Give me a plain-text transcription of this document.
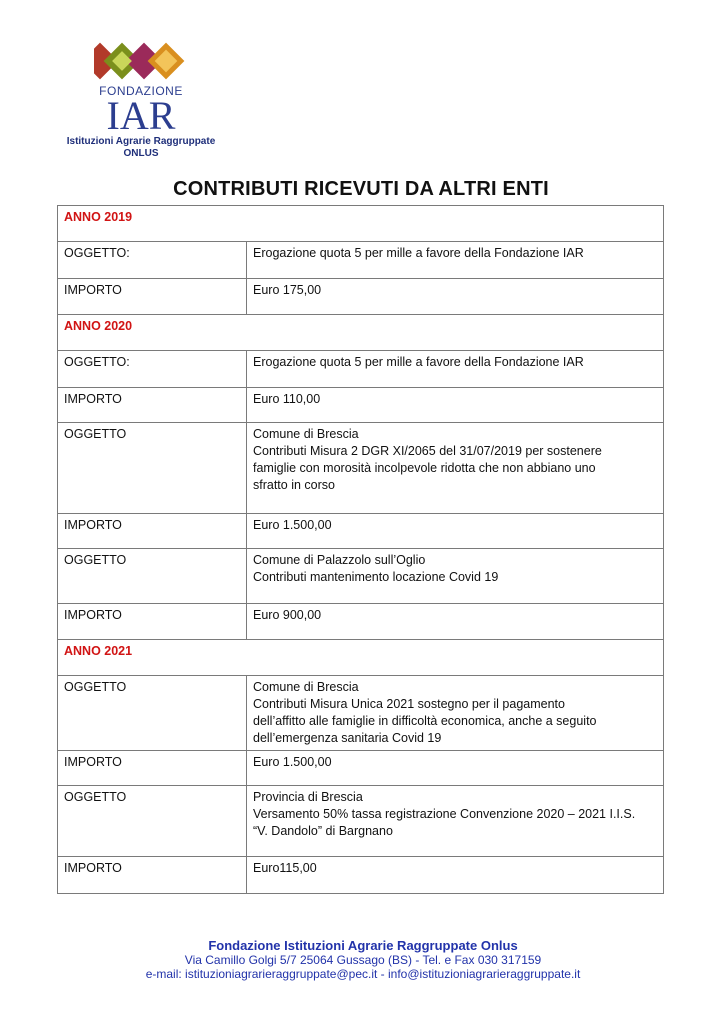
FONDAZIONE
IAR
Istituzioni Agrarie Raggruppate
ONLUS
CONTRIBUTI RICEVUTI DA ALTRI ENTI
ANNO 2019	
OGGETTO:	Erogazione quota 5 per mille a favore della Fondazione IAR

IMPORTO	Euro 175,00

ANNO 2020	
OGGETTO:	Erogazione quota 5 per mille a favore della Fondazione IAR

IMPORTO	Euro 110,00

OGGETTO	Comune di Brescia
Contributi Misura 2 DGR XI/2065 del 31/07/2019 per sostenere
famiglie con morosità incolpevole ridotta che non abbiano uno
sfratto in corso

IMPORTO	Euro 1.500,00

OGGETTO	Comune di Palazzolo sull’Oglio
Contributi mantenimento locazione Covid 19

IMPORTO	Euro 900,00

ANNO 2021	
OGGETTO	Comune di Brescia
Contributi Misura Unica 2021 sostegno per il pagamento
dell’affitto alle famiglie in difficoltà economica, anche a seguito
dell’emergenza sanitaria Covid 19

IMPORTO	Euro 1.500,00

OGGETTO	Provincia di Brescia
Versamento 50% tassa registrazione Convenzione 2020 – 2021 I.I.S.
“V. Dandolo” di Bargnano

IMPORTO	Euro115,00
Fondazione Istituzioni Agrarie Raggruppate Onlus
Via Camillo Golgi 5/7 25064 Gussago (BS) - Tel. e Fax 030 317159
e-mail: istituzioniagrarieraggruppate@pec.it - info@istituzioniagrarieraggruppate.it
